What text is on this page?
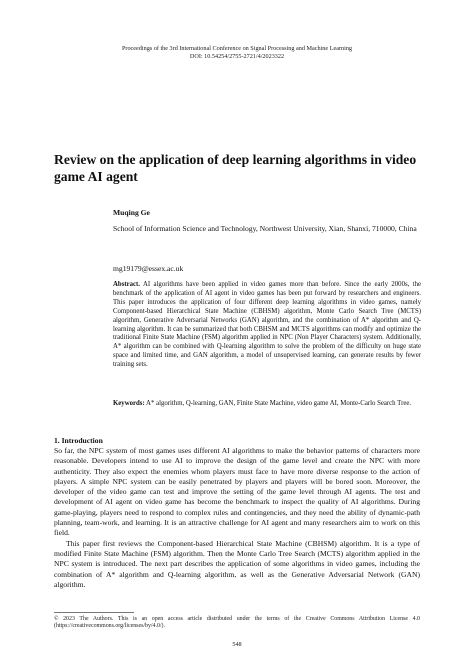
Proceedings of the 3rd International Conference on Signal Processing and Machine Learning
DOI: 10.54254/2755-2721/4/2023322
Review on the application of deep learning algorithms in video game AI agent
Muqing Ge
School of Information Science and Technology, Northwest University, Xian, Shanxi, 710000, China
mg19179@essex.ac.uk
Abstract. AI algorithms have been applied in video games more than before. Since the early 2000s, the benchmark of the application of AI agent in video games has been put forward by researchers and engineers. This paper introduces the application of four different deep learning algorithms in video games, namely Component-based Hierarchical State Machine (CBHSM) algorithm, Monte Carlo Search Tree (MCTS) algorithm, Generative Adversarial Networks (GAN) algorithm, and the combination of A* algorithm and Q-learning algorithm. It can be summarized that both CBHSM and MCTS algorithms can modify and optimize the traditional Finite State Machine (FSM) algorithm applied in NPC (Non Player Characters) system. Additionally, A* algorithm can be combined with Q-learning algorithm to solve the problem of the difficulty on huge state space and limited time, and GAN algorithm, a model of unsupervised learning, can generate results by fewer training sets.
Keywords: A* algorithm, Q-learning, GAN, Finite State Machine, video game AI, Monte-Carlo Search Tree.
1. Introduction

So far, the NPC system of most games uses different AI algorithms to make the behavior patterns of characters more reasonable. Developers intend to use AI to improve the design of the game level and create the NPC with more authenticity. They also expect the enemies whom players must face to have more diverse response to the action of players. A simple NPC system can be easily penetrated by players and players will be bored soon. Moreover, the developer of the video game can test and improve the setting of the game level through AI agents. The test and development of AI agent on video game has become the benchmark to inspect the quality of AI algorithms. During game-playing, players need to respond to complex rules and contingencies, and they need the ability of dynamic-path planning, team-work, and learning. It is an attractive challenge for AI agent and many researchers aim to work on this field.

This paper first reviews the Component-based Hierarchical State Machine (CBHSM) algorithm. It is a type of modified Finite State Machine (FSM) algorithm. Then the Monte Carlo Tree Search (MCTS) algorithm applied in the NPC system is introduced. The next part describes the application of some algorithms in video games, including the combination of A* algorithm and Q-learning algorithm, as well as the Generative Adversarial Network (GAN) algorithm.

© 2023 The Authors. This is an open access article distributed under the terms of the Creative Commons Attribution License 4.0 (https://creativecommons.org/licenses/by/4.0/).
548
